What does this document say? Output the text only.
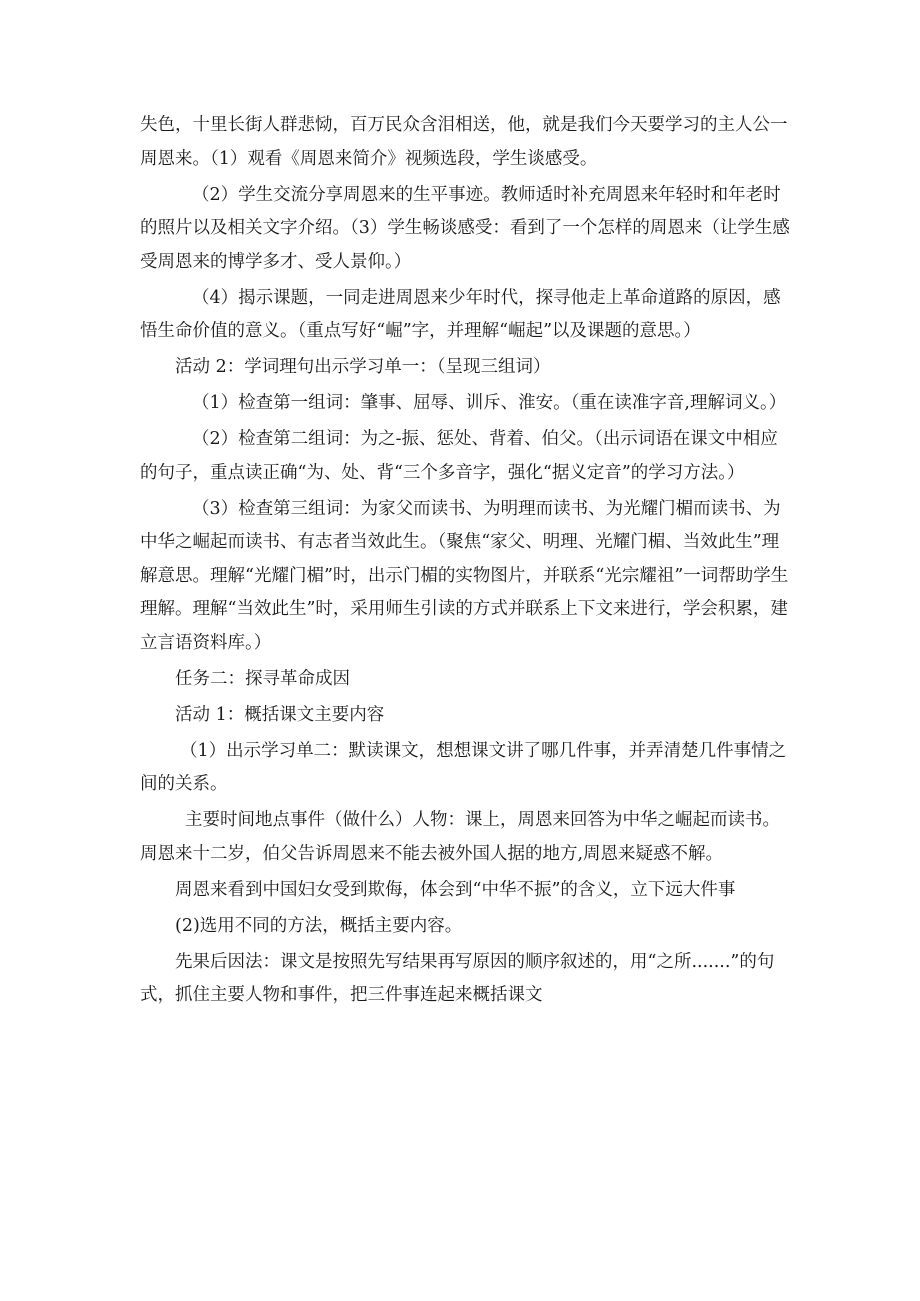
失色，十里长街人群悲恸，百万民众含泪相送，他，就是我们今天要学习的主人公一周恩来。（1）观看《周恩来简介》视频选段，学生谈感受。

（2）学生交流分享周恩来的生平事迹。教师适时补充周恩来年轻时和年老时的照片以及相关文字介绍。（3）学生畅谈感受：看到了一个怎样的周恩来（让学生感受周恩来的博学多才、受人景仰。）

（4）揭示课题，一同走进周恩来少年时代，探寻他走上革命道路的原因，感悟生命价值的意义。（重点写好“崛”字，并理解“崛起”以及课题的意思。）

活动 2：学词理句出示学习单一：（呈现三组词）

（1）检查第一组词：肇事、屈辱、训斥、淮安。（重在读准字音,理解词义。）

（2）检查第二组词：为之-振、惩处、背着、伯父。（出示词语在课文中相应的句子，重点读正确“为、处、背“三个多音字，强化“据义定音”的学习方法。）

（3）检查第三组词：为家父而读书、为明理而读书、为光耀门楣而读书、为中华之崛起而读书、有志者当效此生。（聚焦“家父、明理、光耀门楣、当效此生”理解意思。理解“光耀门楣”时，出示门楣的实物图片，并联系“光宗耀祖”一词帮助学生理解。理解“当效此生”时，采用师生引读的方式并联系上下文来进行，学会积累，建立言语资料库。）

任务二：探寻革命成因

活动 1：概括课文主要内容

（1）出示学习单二：默读课文，想想课文讲了哪几件事，并弄清楚几件事情之间的关系。

主要时间地点事件（做什么）人物：课上，周恩来回答为中华之崛起而读书。周恩来十二岁，伯父告诉周恩来不能去被外国人据的地方,周恩来疑惑不解。

周恩来看到中国妇女受到欺侮，体会到“中华不振”的含义，立下远大件事

(2)选用不同的方法，概括主要内容。

先果后因法：课文是按照先写结果再写原因的顺序叙述的，用“之所.......”的句式，抓住主要人物和事件，把三件事连起来概括课文
